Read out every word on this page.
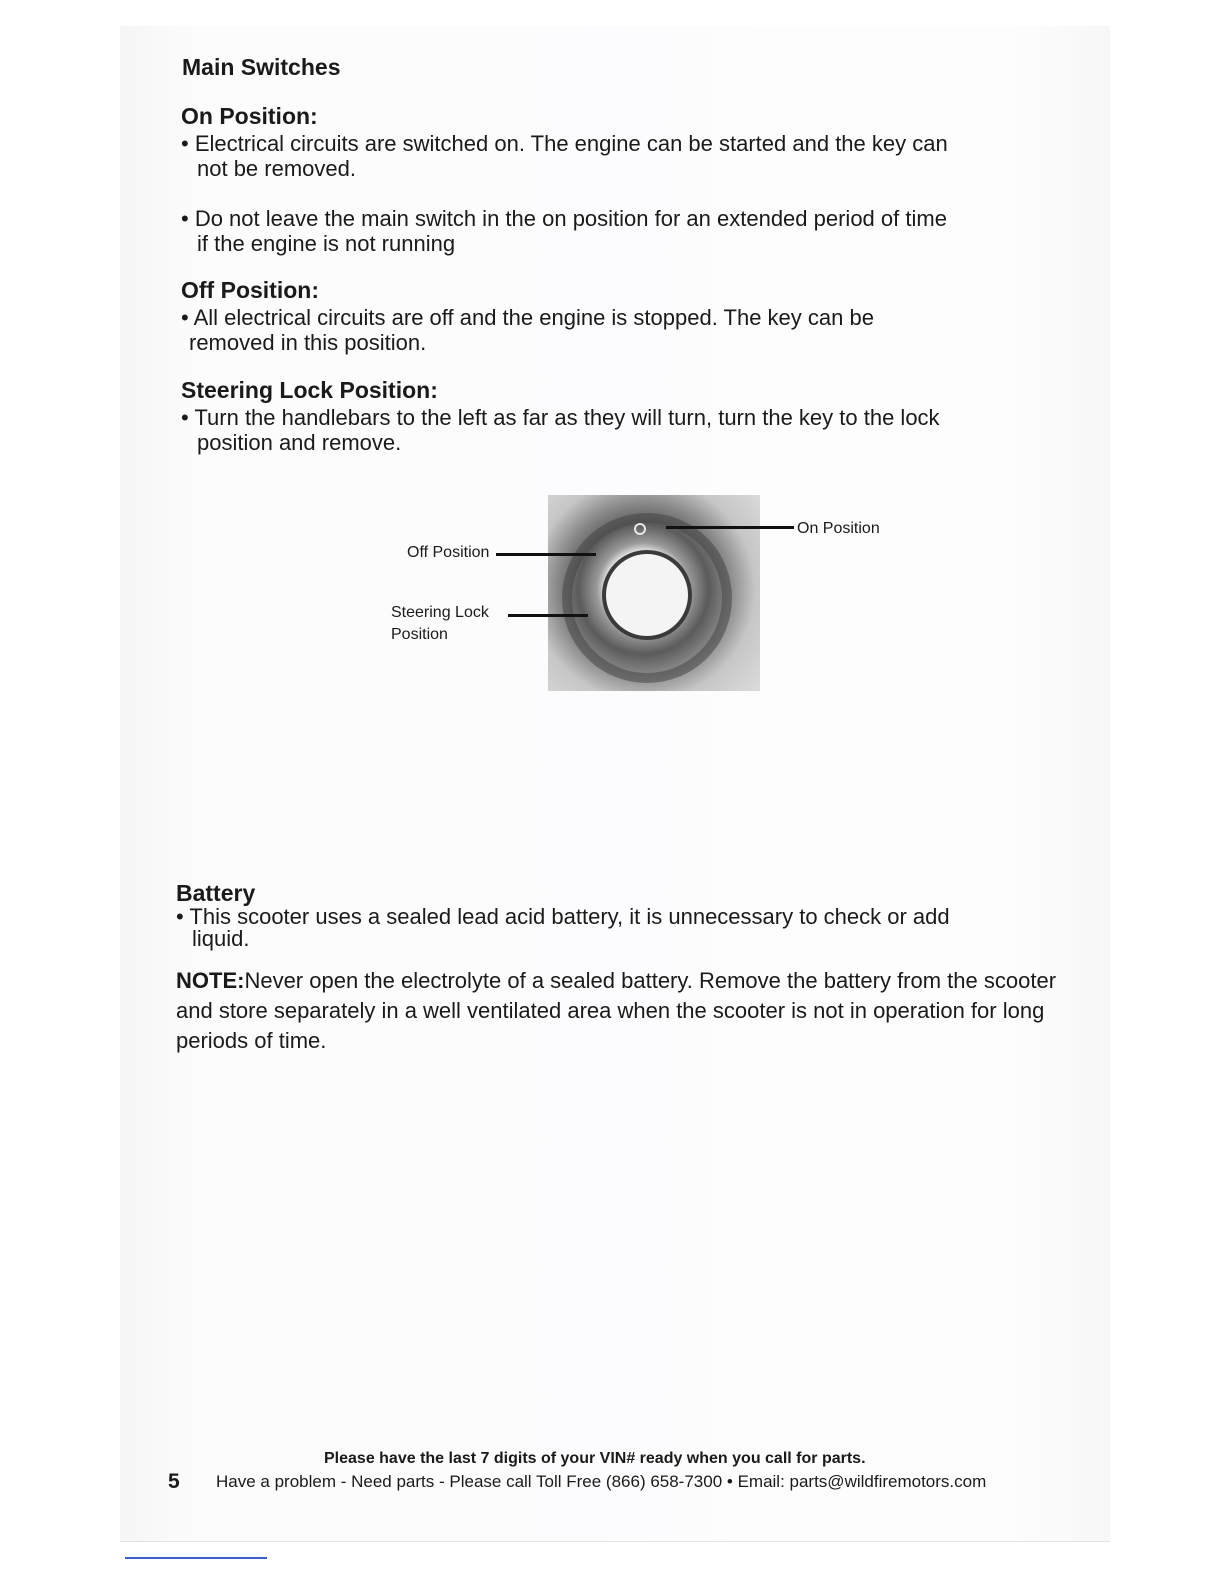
Main Switches
On Position:
• Electrical circuits are switched on. The engine can be started and the key can
not be removed.
• Do not leave the main switch in the on position for an extended period of time
if the engine is not running
Off Position:
• All electrical circuits are off and the engine is stopped. The key can be
removed in this position.
Steering Lock Position:
• Turn the handlebars to the left as far as they will turn, turn the key to the lock
position and remove.
On Position
Off Position
Steering Lock
Position
Battery
• This scooter uses a sealed lead acid battery, it is unnecessary to check or add
liquid.
NOTE:Never open the electrolyte of a sealed battery. Remove the battery from the scooter and store separately in a well ventilated area when the scooter is not in operation for long periods of time.
Please have the last 7 digits of your VIN# ready when you call for parts.
5 Have a problem - Need parts - Please call Toll Free (866) 658-7300 • Email: parts@wildfiremotors.com
